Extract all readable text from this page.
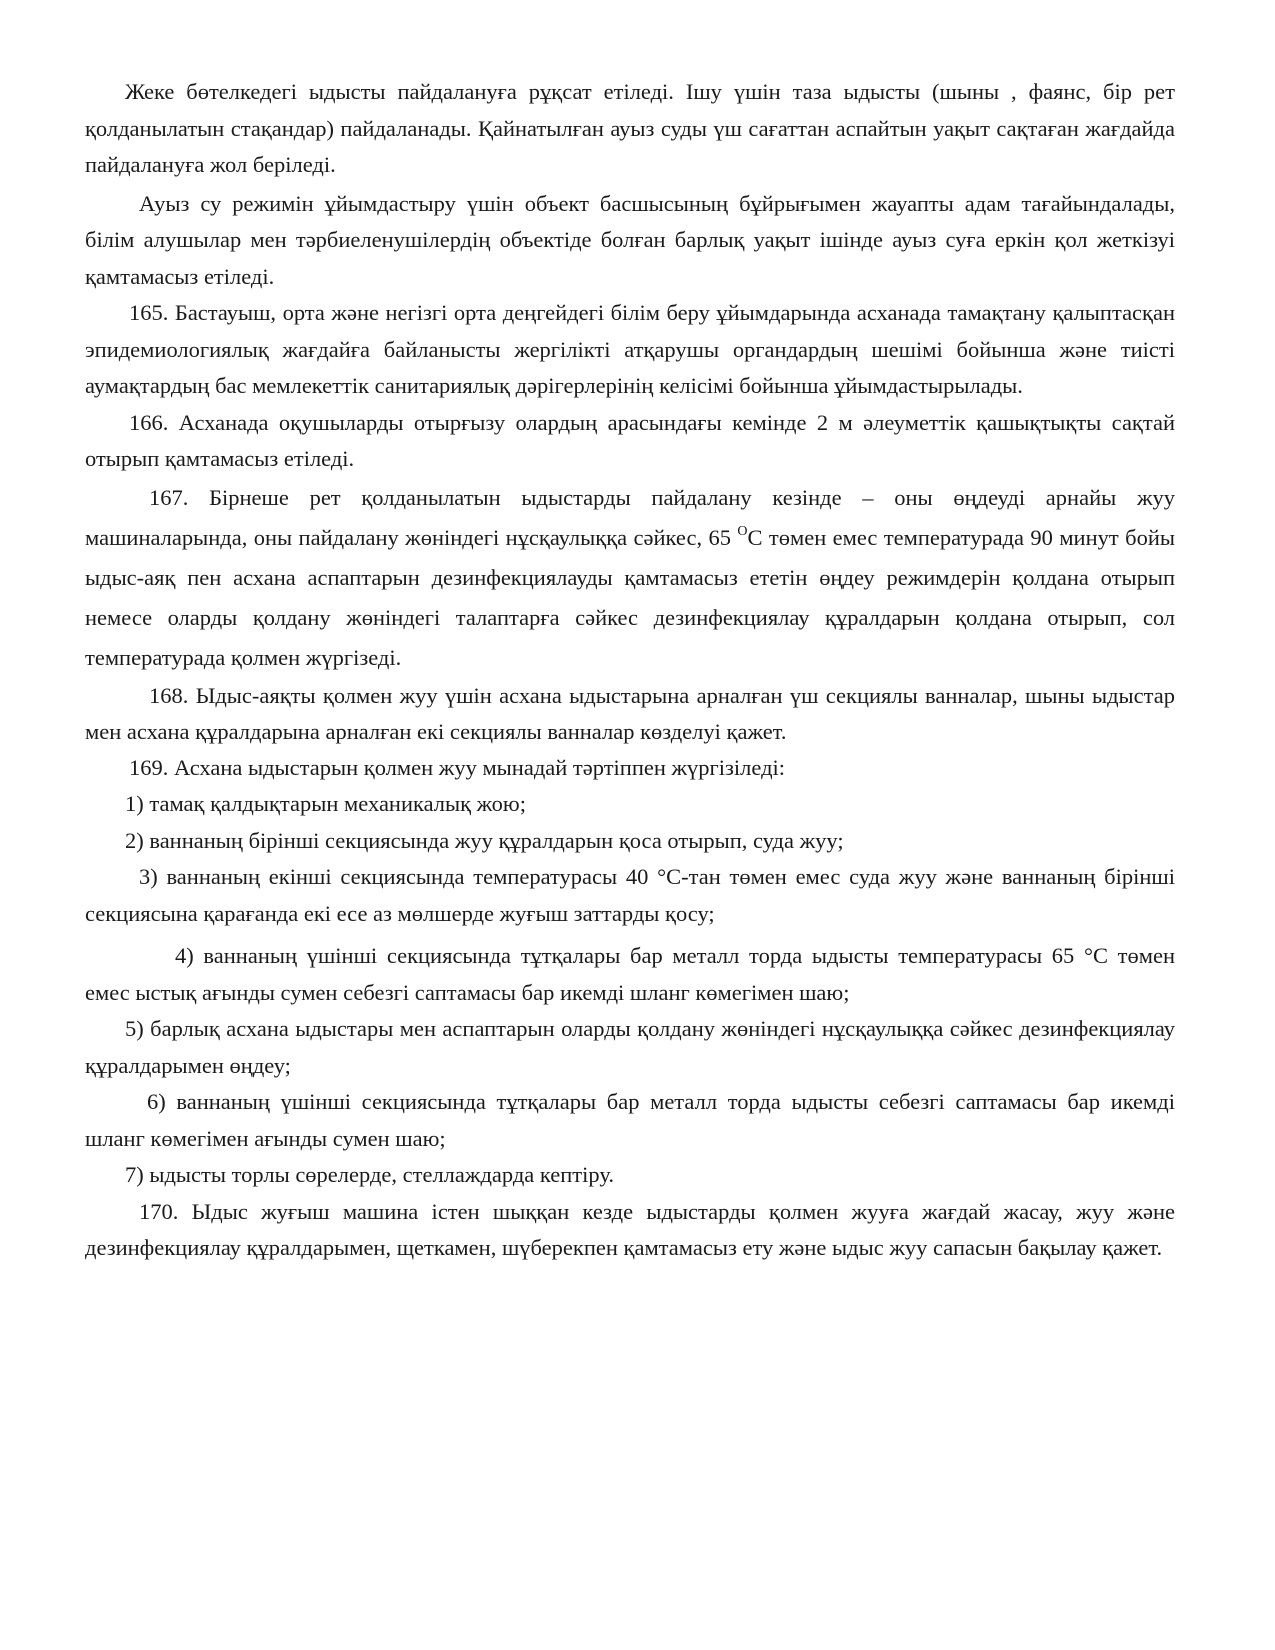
Жеке бөтелкедегі ыдысты пайдалануға рұқсат етіледі. Ішу үшін таза ыдысты (шыны , фаянс, бір рет қолданылатын стақандар) пайдаланады. Қайнатылған ауыз суды үш сағаттан аспайтын уақыт сақтаған жағдайда пайдалануға жол беріледі.

Ауыз су режимін ұйымдастыру үшін объект басшысының бұйрығымен жауапты адам тағайындалады, білім алушылар мен тәрбиеленушілердің объектіде болған барлық уақыт ішінде ауыз суға еркін қол жеткізуі қамтамасыз етіледі.

165. Бастауыш, орта және негізгі орта деңгейдегі білім беру ұйымдарында асханада тамақтану қалыптасқан эпидемиологиялық жағдайға байланысты жергілікті атқарушы органдардың шешімі бойынша және тиісті аумақтардың бас мемлекеттік санитариялық дәрігерлерінің келісімі бойынша ұйымдастырылады.

166. Асханада оқушыларды отырғызу олардың арасындағы кемінде 2 м әлеуметтік қашықтықты сақтай отырып қамтамасыз етіледі.

167. Бірнеше рет қолданылатын ыдыстарды пайдалану кезінде – оны өңдеуді арнайы жуу машиналарында, оны пайдалану жөніндегі нұсқаулыққа сәйкес, 65 $^О$С төмен емес температурада 90 минут бойы ыдыс-аяқ пен асхана аспаптарын дезинфекциялауды қамтамасыз ететін өңдеу режимдерін қолдана отырып немесе оларды қолдану жөніндегі талаптарға сәйкес дезинфекциялау құралдарын қолдана отырып, сол температурада қолмен жүргізеді.

168. Ыдыс-аяқты қолмен жуу үшін асхана ыдыстарына арналған үш секциялы ванналар, шыны ыдыстар мен асхана құралдарына арналған екі секциялы ванналар көзделуі қажет.

169. Асхана ыдыстарын қолмен жуу мынадай тәртіппен жүргізіледі:

1) тамақ қалдықтарын механикалық жою;

2) ваннаның бірінші секциясында жуу құралдарын қоса отырып, суда жуу;

3) ваннаның екінші секциясында температурасы 40 °С-тан төмен емес суда жуу және ваннаның бірінші секциясына қарағанда екі есе аз мөлшерде жуғыш заттарды қосу;

4) ваннаның үшінші секциясында тұтқалары бар металл торда ыдысты температурасы 65 °С төмен емес ыстық ағынды сумен себезгі саптамасы бар икемді шланг көмегімен шаю;

5) барлық асхана ыдыстары мен аспаптарын оларды қолдану жөніндегі нұсқаулыққа сәйкес дезинфекциялау құралдарымен өңдеу;

6) ваннаның үшінші секциясында тұтқалары бар металл торда ыдысты себезгі саптамасы бар икемді шланг көмегімен ағынды сумен шаю;

7) ыдысты торлы сөрелерде, стеллаждарда кептіру.

170. Ыдыс жуғыш машина істен шыққан кезде ыдыстарды қолмен жууға жағдай жасау, жуу және дезинфекциялау құралдарымен, щеткамен, шүберекпен қамтамасыз ету және ыдыс жуу сапасын бақылау қажет.
